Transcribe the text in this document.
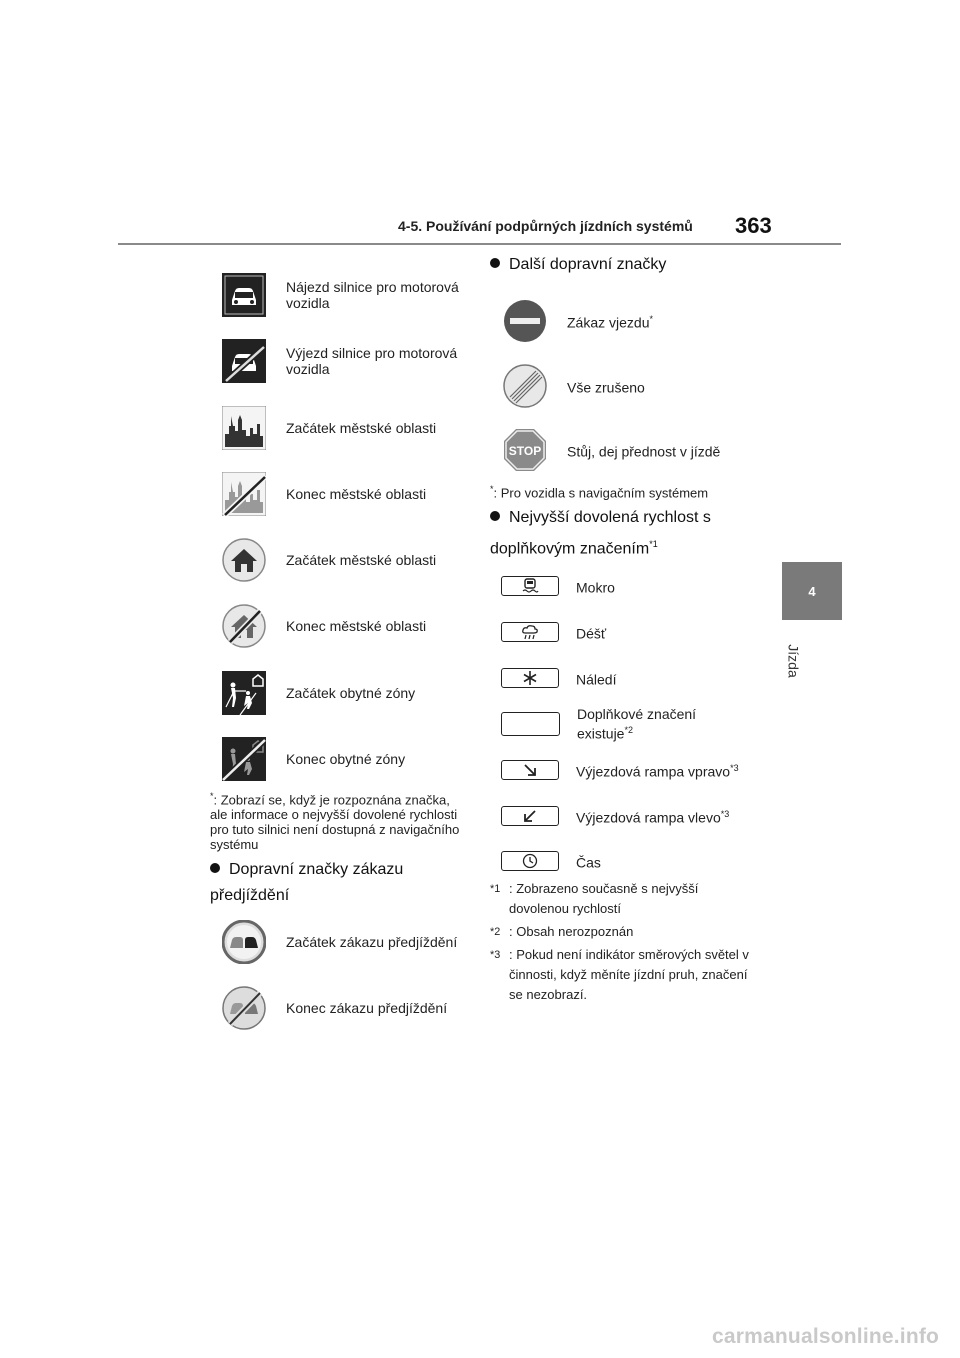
4-5. Používání podpůrných jízdních systémů 363
4
Jízda
Nájezd silnice pro motorová vozidla
Výjezd silnice pro motorová vozidla
Začátek městské oblasti
Konec městské oblasti
Začátek městské oblasti
Konec městské oblasti
Začátek obytné zóny
Konec obytné zóny
*: Zobrazí se, když je rozpoznána značka, ale informace o nejvyšší dovolené rychlosti pro tuto silnici není dostupná z navigačního systému
Dopravní značky zákazu předjíždění
Začátek zákazu předjíždění
Konec zákazu předjíždění
Další dopravní značky
Zákaz vjezdu*
Vše zrušeno
STOP Stůj, dej přednost v jízdě
*: Pro vozidla s navigačním systémem
Nejvyšší dovolená rychlost s doplňkovým značením$^{*1}$
Mokro
Déšť
Náledí
Doplňkové značení existuje$^{*2}$
Výjezdová rampa vpravo$^{*3}$
Výjezdová rampa vlevo$^{*3}$
Čas
*1 : Zobrazeno současně s nejvyšší dovolenou rychlostí
*2 : Obsah nerozpoznán
*3 : Pokud není indikátor směrových světel v činnosti, když měníte jízdní pruh, značení se nezobrazí.
carmanualsonline.info
